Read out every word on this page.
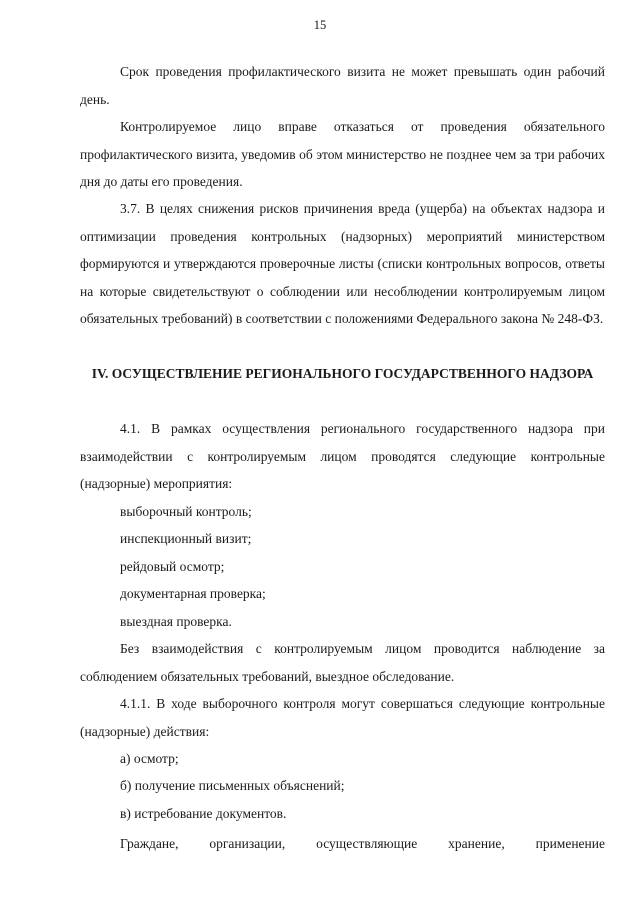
15

Срок проведения профилактического визита не может превышать один рабочий день.

Контролируемое лицо вправе отказаться от проведения обязательного профилактического визита, уведомив об этом министерство не позднее чем за три рабочих дня до даты его проведения.

3.7. В целях снижения рисков причинения вреда (ущерба) на объектах надзора и оптимизации проведения контрольных (надзорных) мероприятий министерством формируются и утверждаются проверочные листы (списки контрольных вопросов, ответы на которые свидетельствуют о соблюдении или несоблюдении контролируемым лицом обязательных требований) в соответствии с положениями Федерального закона № 248-ФЗ.

IV. ОСУЩЕСТВЛЕНИЕ РЕГИОНАЛЬНОГО ГОСУДАРСТВЕННОГО НАДЗОРА

4.1. В рамках осуществления регионального государственного надзора при взаимодействии с контролируемым лицом проводятся следующие контрольные (надзорные) мероприятия:

выборочный контроль;

инспекционный визит;

рейдовый осмотр;

документарная проверка;

выездная проверка.

Без взаимодействия с контролируемым лицом проводится наблюдение за соблюдением обязательных требований, выездное обследование.

4.1.1. В ходе выборочного контроля могут совершаться следующие контрольные (надзорные) действия:

а) осмотр;

б) получение письменных объяснений;

в) истребование документов.

Граждане, организации, осуществляющие хранение, применение
